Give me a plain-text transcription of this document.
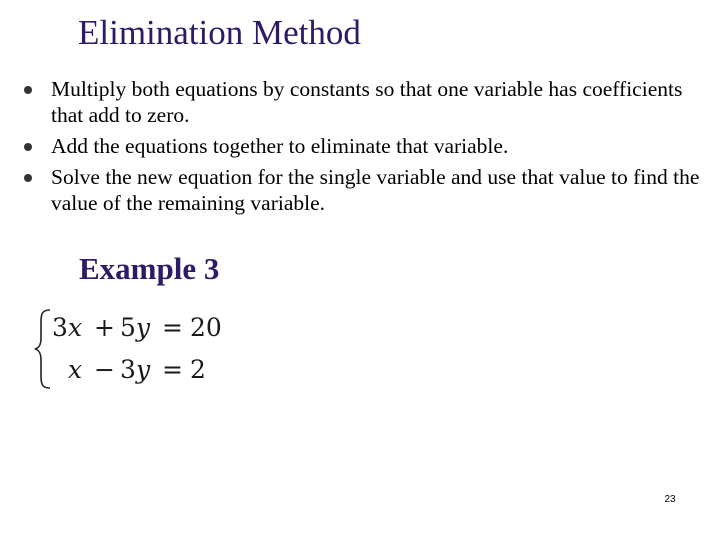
Elimination Method
Multiply both equations by constants so that one variable has coefficients that add to zero.
Add the equations together to eliminate that variable.
Solve the new equation for the single variable and use that value to find the value of the remaining variable.
Example 3
3 x + 5 y = 20
x − 3 y = 2
23
